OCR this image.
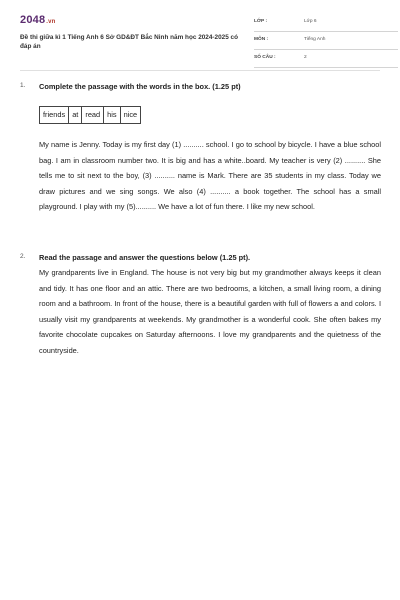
2048.vn
Đề thi giữa kì 1 Tiếng Anh 6 Sở GD&ĐT Bắc Ninh năm học 2024-2025 có đáp án
LỚP :	Lớp 6
MÔN :	Tiếng Anh
SỐ CÂU :	2
1. Complete the passage with the words in the box. (1.25 pt)
friends at read his nice

My name is Jenny. Today is my first day (1) .......... school. I go to school by bicycle. I have a blue school bag. I am in classroom number two. It is big and has a white..board. My teacher is very (2) .......... She tells me to sit next to the boy, (3) .......... name is Mark. There are 35 students in my class. Today we draw pictures and we sing songs. We also (4) .......... a book together. The school has a small playground. I play with my (5).......... We have a lot of fun there. I like my new school.

2. Read the passage and answer the questions below (1.25 pt).

My grandparents live in England. The house is not very big but my grandmother always keeps it clean and tidy. It has one floor and an attic. There are two bedrooms, a kitchen, a small living room, a dining room and a bathroom. In front of the house, there is a beautiful garden with full of flowers a and colors. I usually visit my grandparents at weekends. My grandmother is a wonderful cook. She often bakes my favorite chocolate cupcakes on Saturday afternoons. I love my grandparents and the quietness of the countryside.
